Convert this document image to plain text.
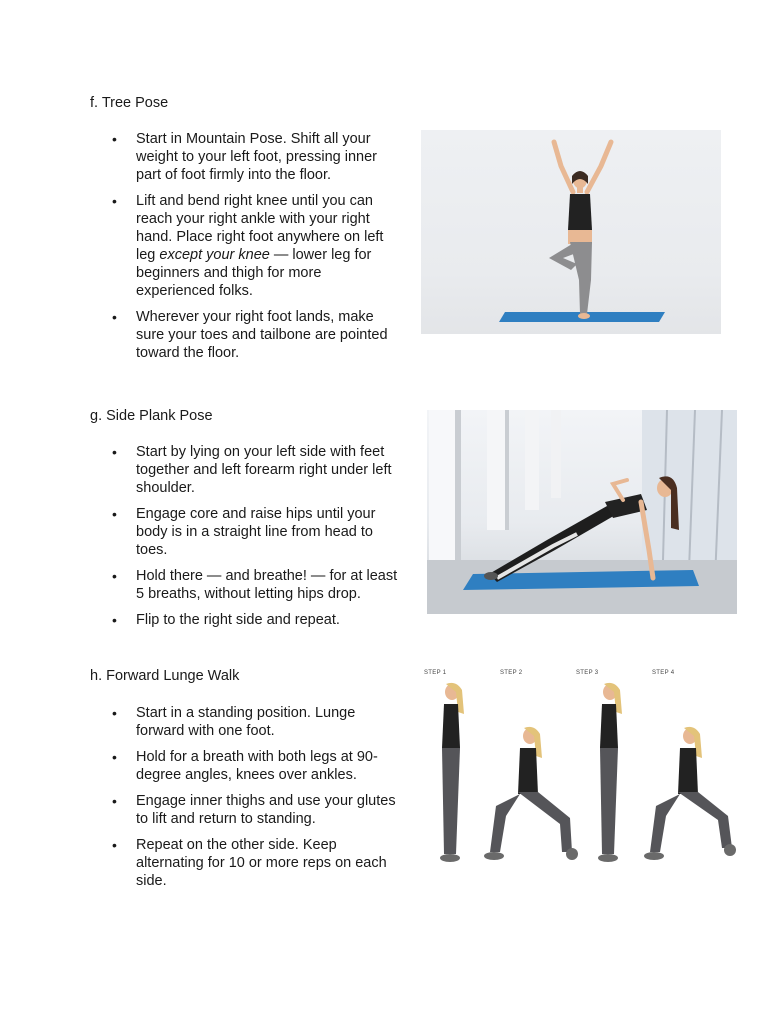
f. Tree Pose
• Start in Mountain Pose. Shift all your weight to your left foot, pressing inner part of foot firmly into the floor.
• Lift and bend right knee until you can reach your right ankle with your right hand. Place right foot anywhere on left leg except your knee — lower leg for beginners and thigh for more experienced folks.
• Wherever your right foot lands, make sure your toes and tailbone are pointed toward the floor.
g. Side Plank Pose
• Start by lying on your left side with feet together and left forearm right under left shoulder.
• Engage core and raise hips until your body is in a straight line from head to toes.
• Hold there — and breathe! — for at least 5 breaths, without letting hips drop.
• Flip to the right side and repeat.
h. Forward Lunge Walk
• Start in a standing position. Lunge forward with one foot.
• Hold for a breath with both legs at 90-degree angles, knees over ankles.
• Engage inner thighs and use your glutes to lift and return to standing.
• Repeat on the other side. Keep alternating for 10 or more reps on each side.
STEP 1	STEP 2	STEP 3	STEP 4
